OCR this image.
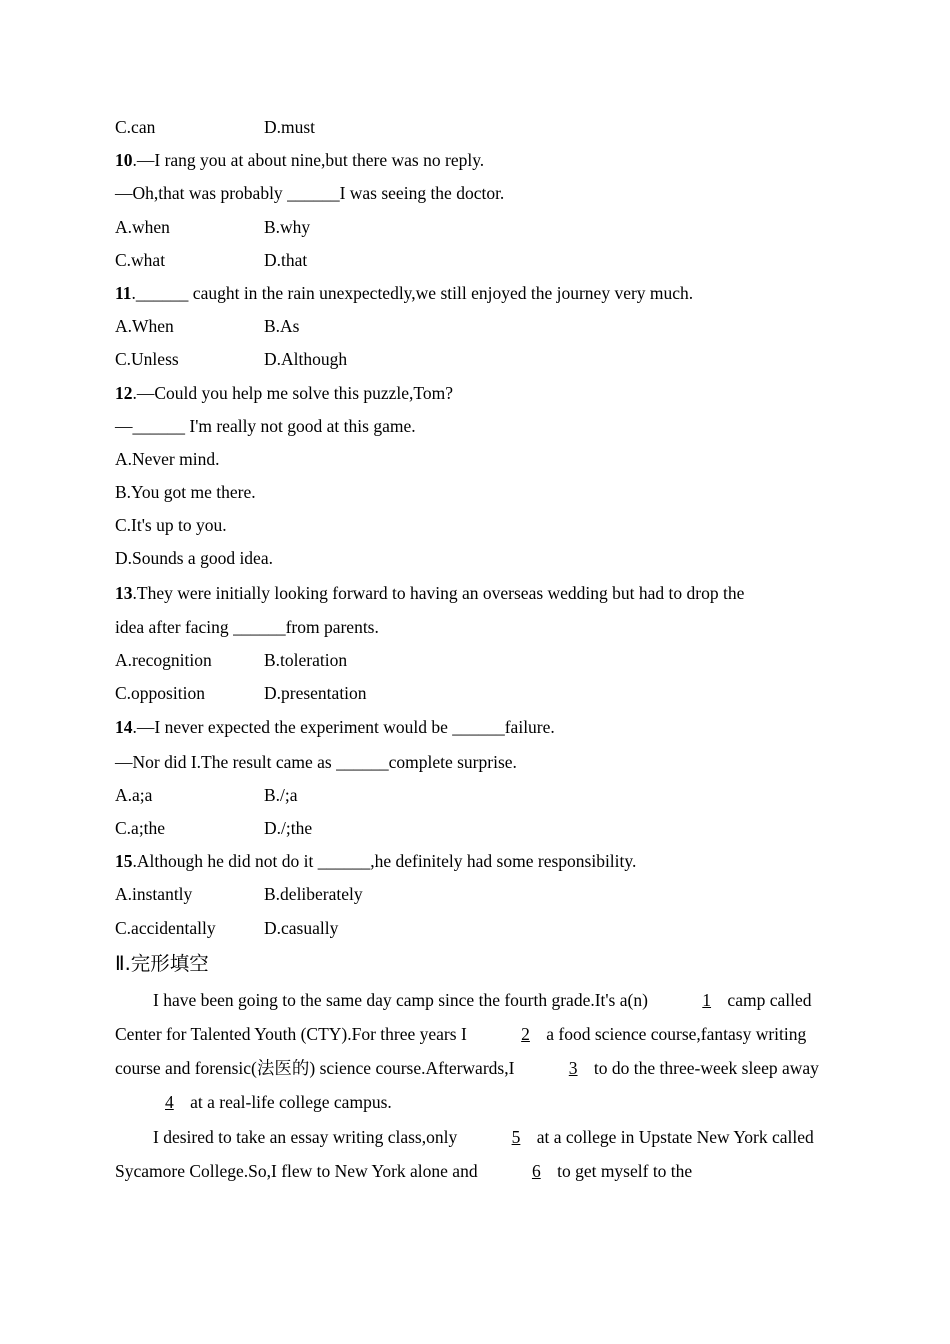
C.can	D.must
10.—I rang you at about nine,but there was no reply.
—Oh,that was probably ______I was seeing the doctor.
A.when	B.why
C.what	D.that
11.______ caught in the rain unexpectedly,we still enjoyed the journey very much.
A.When	B.As
C.Unless	D.Although
12.—Could you help me solve this puzzle,Tom?
—______ I'm really not good at this game.
A.Never mind.
B.You got me there.
C.It's up to you.
D.Sounds a good idea.
13.They were initially looking forward to having an overseas wedding but had to drop the
idea after facing ______from parents.
A.recognition	B.toleration
C.opposition	D.presentation
14.—I never expected the experiment would be ______failure.
—Nor did I.The result came as ______complete surprise.
A.a;a	B./;a
C.a;the	D./;the
15.Although he did not do it ______,he definitely had some responsibility.
A.instantly	B.deliberately
C.accidentally	D.casually
Ⅱ.完形填空
I have been going to the same day camp since the fourth grade.It's a(n)	1 camp called Center for Talented Youth (CTY).For three years I	2 a food science course,fantasy writing course and forensic(法医的) science course.Afterwards,I	3 to do the three-week sleep away 4 at a real-life college campus.
I desired to take an essay writing class,only	5 at a college in Upstate New York called Sycamore College.So,I flew to New York alone and	6 to get myself to the
